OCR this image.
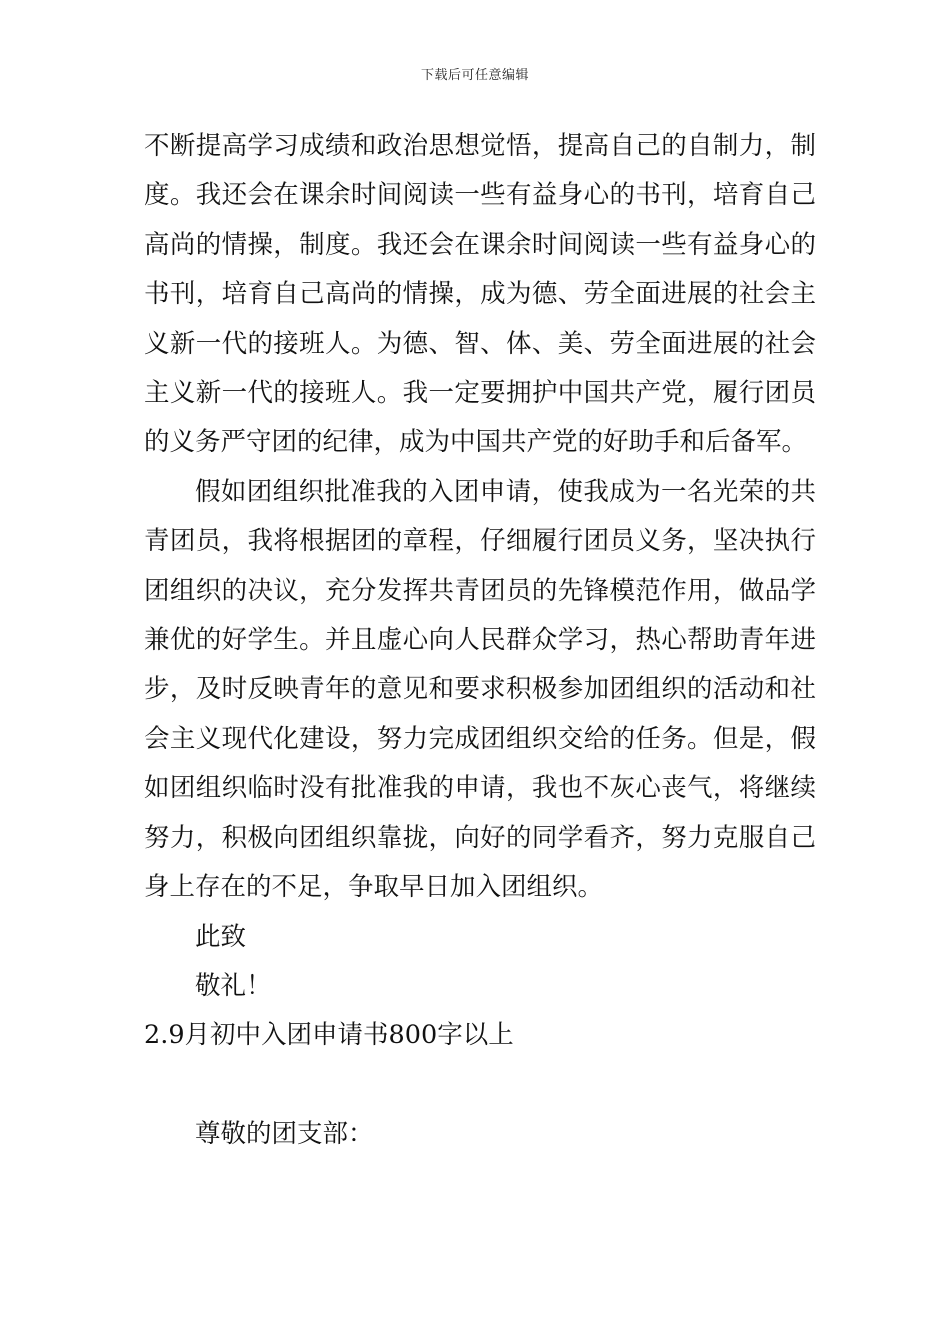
下载后可任意编辑

不断提高学习成绩和政治思想觉悟，提高自己的自制力，制度。我还会在课余时间阅读一些有益身心的书刊，培育自己高尚的情操，制度。我还会在课余时间阅读一些有益身心的书刊，培育自己高尚的情操，成为德、劳全面进展的社会主义新一代的接班人。为德、智、体、美、劳全面进展的社会主义新一代的接班人。我一定要拥护中国共产党，履行团员的义务严守团的纪律，成为中国共产党的好助手和后备军。

假如团组织批准我的入团申请，使我成为一名光荣的共青团员，我将根据团的章程，仔细履行团员义务，坚决执行团组织的决议，充分发挥共青团员的先锋模范作用，做品学兼优的好学生。并且虚心向人民群众学习，热心帮助青年进步，及时反映青年的意见和要求积极参加团组织的活动和社会主义现代化建设，努力完成团组织交给的任务。但是，假如团组织临时没有批准我的申请，我也不灰心丧气，将继续努力，积极向团组织靠拢，向好的同学看齐，努力克服自己身上存在的不足，争取早日加入团组织。

此致

敬礼！

2.9月初中入团申请书800字以上

尊敬的团支部：
